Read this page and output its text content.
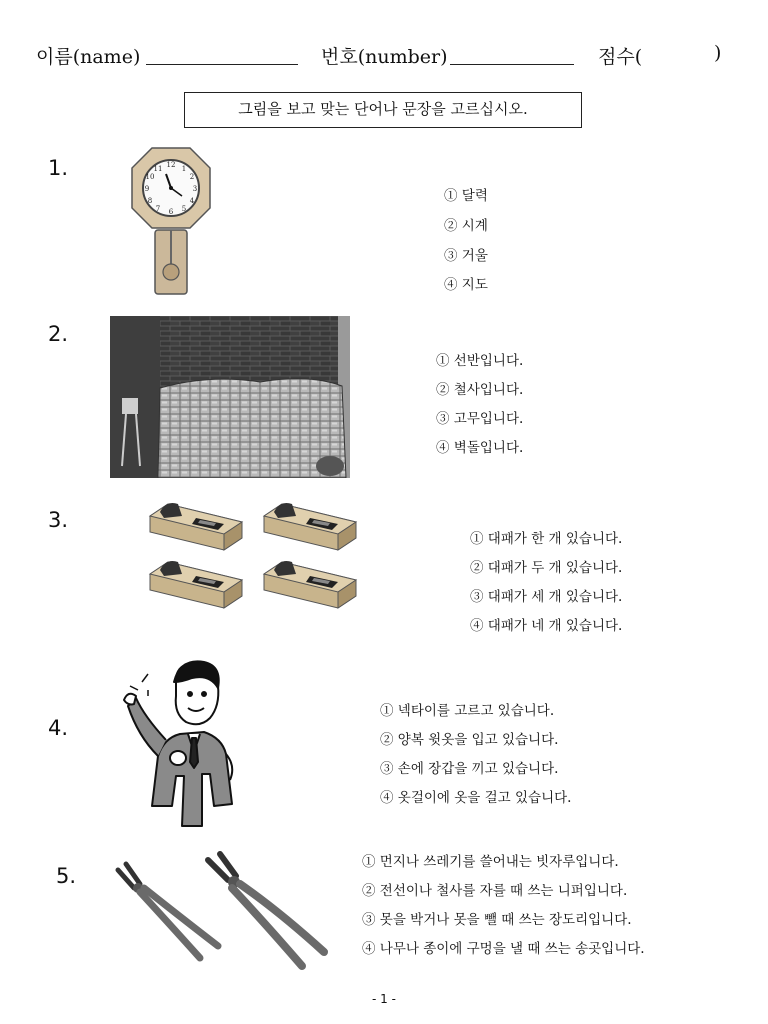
이름(name)	번호(number)	점수(	)
그림을 보고 맞는 단어나 문장을 고르십시오.
1.	12 1
2
3
4
5
6
7
8
9
10
11
① 달력
② 시계
③ 거울
④ 지도
2.
① 선반입니다.
② 철사입니다.
③ 고무입니다.
④ 벽돌입니다.
3.
① 대패가 한 개 있습니다.
② 대패가 두 개 있습니다.
③ 대패가 세 개 있습니다.
④ 대패가 네 개 있습니다.
4.
① 넥타이를 고르고 있습니다.
② 양복 윗옷을 입고 있습니다.
③ 손에 장갑을 끼고 있습니다.
④ 옷걸이에 옷을 걸고 있습니다.
5.
① 먼지나 쓰레기를 쓸어내는 빗자루입니다.
② 전선이나 철사를 자를 때 쓰는 니퍼입니다.
③ 못을 박거나 못을 뺄 때 쓰는 장도리입니다.
④ 나무나 종이에 구멍을 낼 때 쓰는 송곳입니다.
- 1 -
